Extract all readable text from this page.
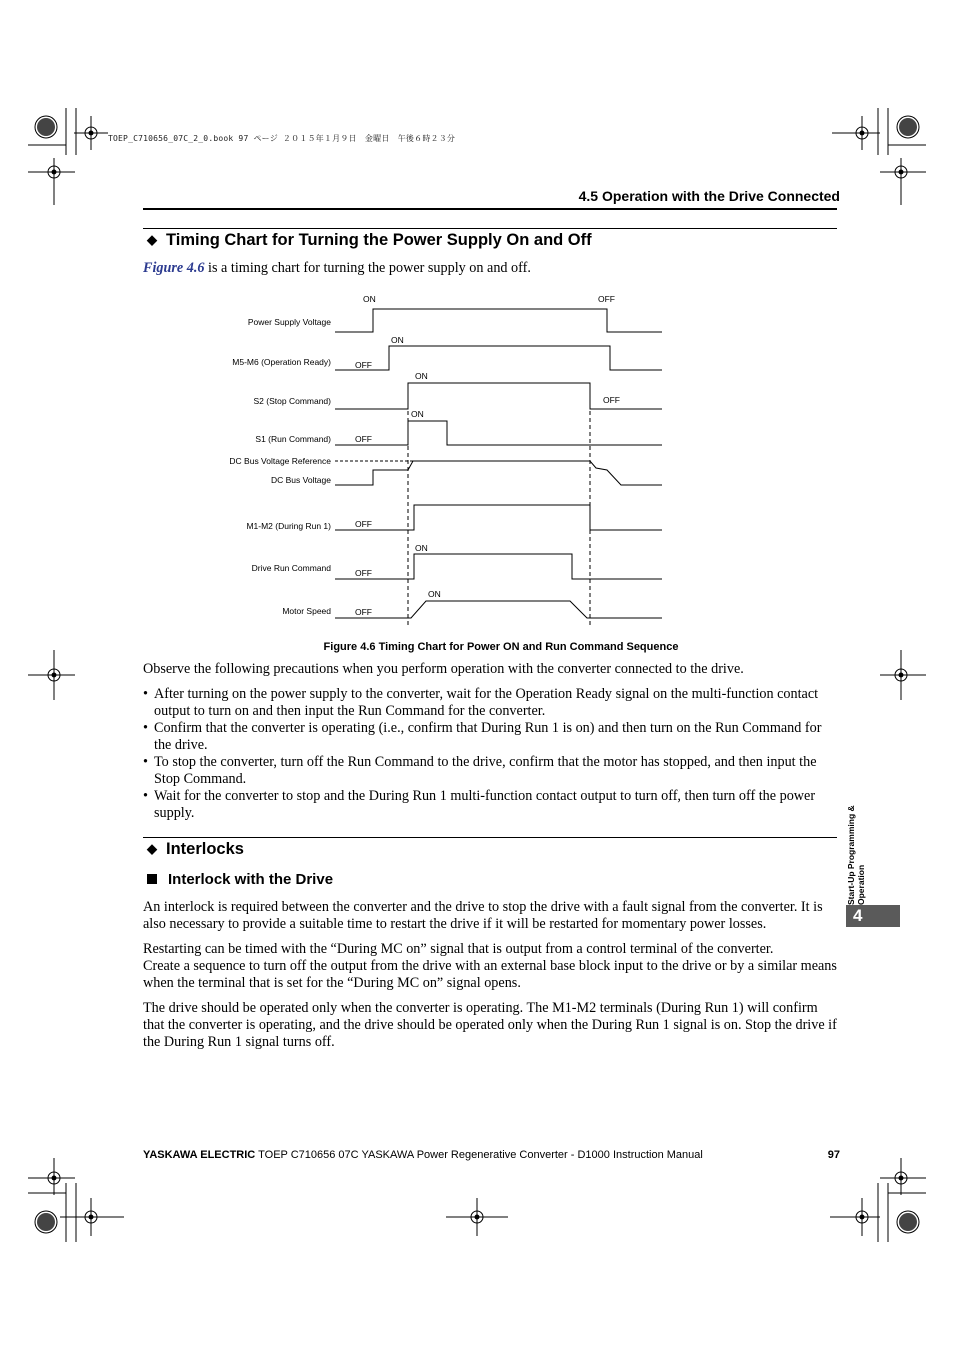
TOEP_C710656_07C_2_0.book 97 ページ ２０１５年１月９日　金曜日　午後６時２３分
4.5 Operation with the Drive Connected
◆ Timing Chart for Turning the Power Supply On and Off
Figure 4.6 is a timing chart for turning the power supply on and off.
Power Supply Voltage
M5-M6 (Operation Ready)
S2 (Stop Command)
S1 (Run Command)
DC Bus Voltage Reference
DC Bus Voltage
M1-M2 (During Run 1)
Drive Run Command
Motor Speed
ON	OFF
ON
OFF
ON
OFF
ON
OFF
OFF
ON
OFF
ON
OFF
Figure 4.6 Timing Chart for Power ON and Run Command Sequence
Observe the following precautions when you perform operation with the converter connected to the drive.
• After turning on the power supply to the converter, wait for the Operation Ready signal on the multi-function contact output to turn on and then input the Run Command for the converter.
• Confirm that the converter is operating (i.e., confirm that During Run 1 is on) and then turn on the Run Command for the drive.
• To stop the converter, turn off the Run Command to the drive, confirm that the motor has stopped, and then input the Stop Command.
• Wait for the converter to stop and the During Run 1 multi-function contact output to turn off, then turn off the power supply.
◆ Interlocks
Interlock with the Drive
An interlock is required between the converter and the drive to stop the drive with a fault signal from the converter. It is also necessary to provide a suitable time to restart the drive if it will be restarted for momentary power losses.
Restarting can be timed with the “During MC on” signal that is output from a control terminal of the converter.
Create a sequence to turn off the output from the drive with an external base block input to the drive or by a similar means when the terminal that is set for the “During MC on” signal opens.
The drive should be operated only when the converter is operating. The M1-M2 terminals (During Run 1) will confirm that the converter is operating, and the drive should be operated only when the During Run 1 signal is on. Stop the drive if the During Run 1 signal turns off.
Start-Up Programming & Operation
4
YASKAWA ELECTRIC TOEP C710656 07C YASKAWA Power Regenerative Converter - D1000 Instruction Manual	97
